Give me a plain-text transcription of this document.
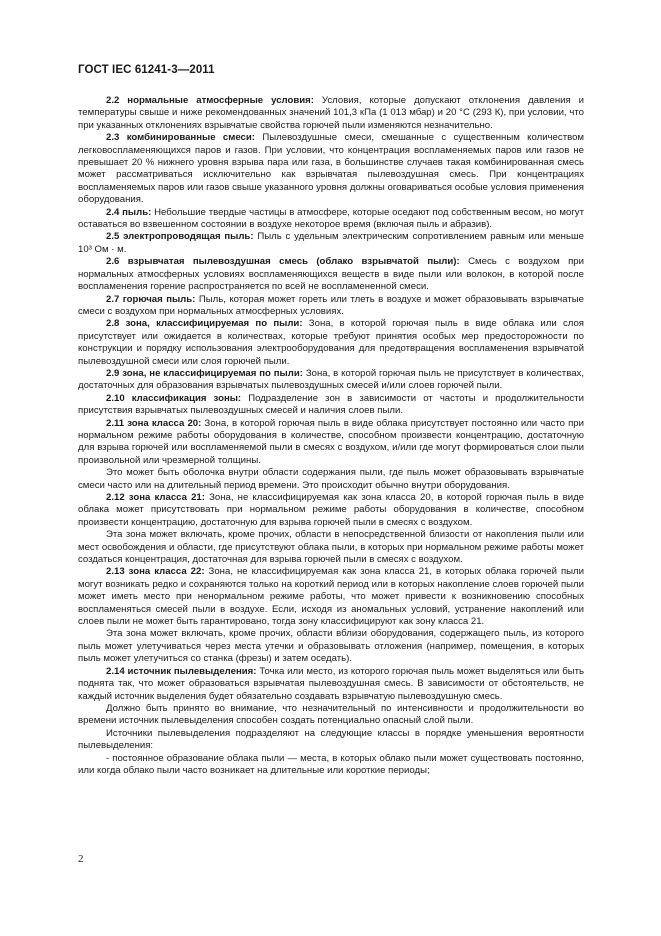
ГОСТ IEC 61241-3—2011

2.2 нормальные атмосферные условия: Условия, которые допускают отклонения давления и температуры свыше и ниже рекомендованных значений 101,3 кПа (1 013 мбар) и 20 °С (293 К), при условии, что при указанных отклонениях взрывчатые свойства горючей пыли изменяются незначительно.

2.3 комбинированные смеси: Пылевоздушные смеси, смешанные с существенным количеством легковоспламеняющихся паров и газов. При условии, что концентрация воспламеняемых паров или газов не превышает 20 % нижнего уровня взрыва пара или газа, в большинстве случаев такая комбинированная смесь может рассматриваться исключительно как взрывчатая пылевоздушная смесь. При концентрациях воспламеняемых паров или газов свыше указанного уровня должны оговариваться особые условия применения оборудования.

2.4 пыль: Небольшие твердые частицы в атмосфере, которые оседают под собственным весом, но могут оставаться во взвешенном состоянии в воздухе некоторое время (включая пыль и абразив).

2.5 электропроводящая пыль: Пыль с удельным электрическим сопротивлением равным или меньше 10³ Ом · м.

2.6 взрывчатая пылевоздушная смесь (облако взрывчатой пыли): Смесь с воздухом при нормальных атмосферных условиях воспламеняющихся веществ в виде пыли или волокон, в которой после воспламенения горение распространяется по всей не воспламененной смеси.

2.7 горючая пыль: Пыль, которая может гореть или тлеть в воздухе и может образовывать взрывчатые смеси с воздухом при нормальных атмосферных условиях.

2.8 зона, классифицируемая по пыли: Зона, в которой горючая пыль в виде облака или слоя присутствует или ожидается в количествах, которые требуют принятия особых мер предосторожности по конструкции и порядку использования электрооборудования для предотвращения воспламенения взрывчатой пылевоздушной смеси или слоя горючей пыли.

2.9 зона, не классифицируемая по пыли: Зона, в которой горючая пыль не присутствует в количествах, достаточных для образования взрывчатых пылевоздушных смесей и/или слоев горючей пыли.

2.10 классификация зоны: Подразделение зон в зависимости от частоты и продолжительности присутствия взрывчатых пылевоздушных смесей и наличия слоев пыли.

2.11 зона класса 20: Зона, в которой горючая пыль в виде облака присутствует постоянно или часто при нормальном режиме работы оборудования в количестве, способном произвести концентрацию, достаточную для взрыва горючей или воспламеняемой пыли в смесях с воздухом, и/или где могут формироваться слои пыли произвольной или чрезмерной толщины.

Это может быть оболочка внутри области содержания пыли, где пыль может образовывать взрывчатые смеси часто или на длительный период времени. Это происходит обычно внутри оборудования.

2.12 зона класса 21: Зона, не классифицируемая как зона класса 20, в которой горючая пыль в виде облака может присутствовать при нормальном режиме работы оборудования в количестве, способном произвести концентрацию, достаточную для взрыва горючей пыли в смесях с воздухом.

Эта зона может включать, кроме прочих, области в непосредственной близости от накопления пыли или мест освобождения и области, где присутствуют облака пыли, в которых при нормальном режиме работы может создаться концентрация, достаточная для взрыва горючей пыли в смесях с воздухом.

2.13 зона класса 22: Зона, не классифицируемая как зона класса 21, в которых облака горючей пыли могут возникать редко и сохраняются только на короткий период или в которых накопление слоев горючей пыли может иметь место при ненормальном режиме работы, что может привести к возникновению способных воспламеняться смесей пыли в воздухе. Если, исходя из аномальных условий, устранение накоплений или слоев пыли не может быть гарантировано, тогда зону классифицируют как зону класса 21.

Эта зона может включать, кроме прочих, области вблизи оборудования, содержащего пыль, из которого пыль может улетучиваться через места утечки и образовывать отложения (например, помещения, в которых пыль может улетучиться со станка (фрезы) и затем оседать).

2.14 источник пылевыделения: Точка или место, из которого горючая пыль может выделяться или быть поднята так, что может образоваться взрывчатая пылевоздушная смесь. В зависимости от обстоятельств, не каждый источник выделения будет обязательно создавать взрывчатую пылевоздушную смесь.

Должно быть принято во внимание, что незначительный по интенсивности и продолжительности во времени источник пылевыделения способен создать потенциально опасный слой пыли.

Источники пылевыделения подразделяют на следующие классы в порядке уменьшения вероятности пылевыделения:

- постоянное образование облака пыли — места, в которых облако пыли может существовать постоянно, или когда облако пыли часто возникает на длительные или короткие периоды;

2
